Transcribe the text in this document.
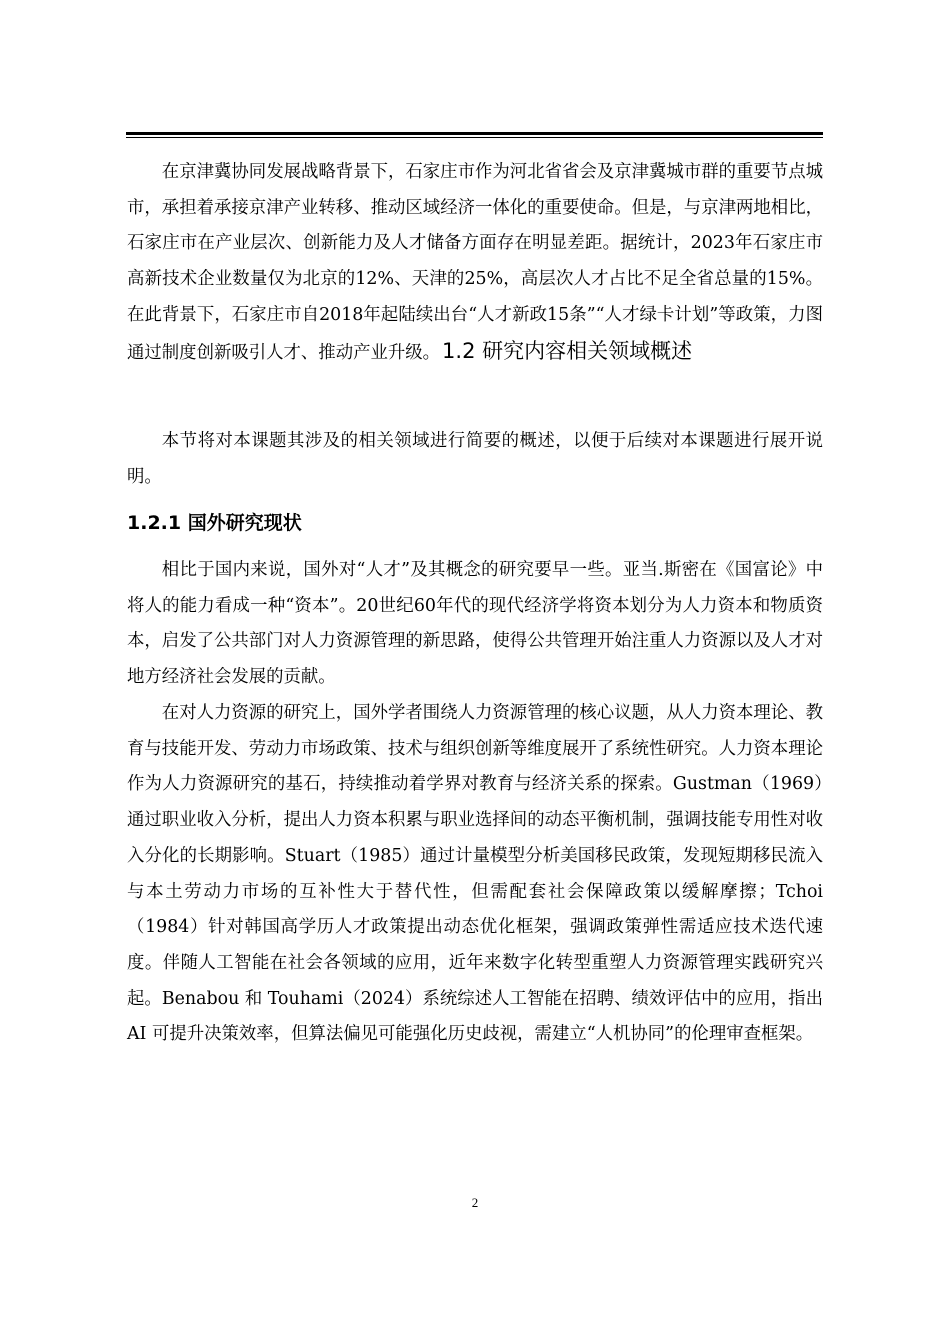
在京津冀协同发展战略背景下，石家庄市作为河北省省会及京津冀城市群的重要节点城市，承担着承接京津产业转移、推动区域经济一体化的重要使命。但是，与京津两地相比，石家庄市在产业层次、创新能力及人才储备方面存在明显差距。据统计，2023年石家庄市高新技术企业数量仅为北京的12%、天津的25%，高层次人才占比不足全省总量的15%。在此背景下，石家庄市自2018年起陆续出台“人才新政15条”“人才绿卡计划”等政策，力图通过制度创新吸引人才、推动产业升级。1.2 研究内容相关领域概述

本节将对本课题其涉及的相关领域进行简要的概述，以便于后续对本课题进行展开说明。

1.2.1 国外研究现状

相比于国内来说，国外对“人才”及其概念的研究要早一些。亚当.斯密在《国富论》中将人的能力看成一种“资本”。20世纪60年代的现代经济学将资本划分为人力资本和物质资本，启发了公共部门对人力资源管理的新思路，使得公共管理开始注重人力资源以及人才对地方经济社会发展的贡献。

在对人力资源的研究上，国外学者围绕人力资源管理的核心议题，从人力资本理论、教育与技能开发、劳动力市场政策、技术与组织创新等维度展开了系统性研究。人力资本理论作为人力资源研究的基石，持续推动着学界对教育与经济关系的探索。Gustman（1969）通过职业收入分析，提出人力资本积累与职业选择间的动态平衡机制，强调技能专用性对收入分化的长期影响。Stuart（1985）通过计量模型分析美国移民政策，发现短期移民流入与本土劳动力市场的互补性大于替代性，但需配套社会保障政策以缓解摩擦；Tchoi（1984）针对韩国高学历人才政策提出动态优化框架，强调政策弹性需适应技术迭代速度。伴随人工智能在社会各领域的应用，近年来数字化转型重塑人力资源管理实践研究兴起。Benabou 和 Touhami（2024）系统综述人工智能在招聘、绩效评估中的应用，指出 AI 可提升决策效率，但算法偏见可能强化历史歧视，需建立“人机协同”的伦理审查框架。

2
